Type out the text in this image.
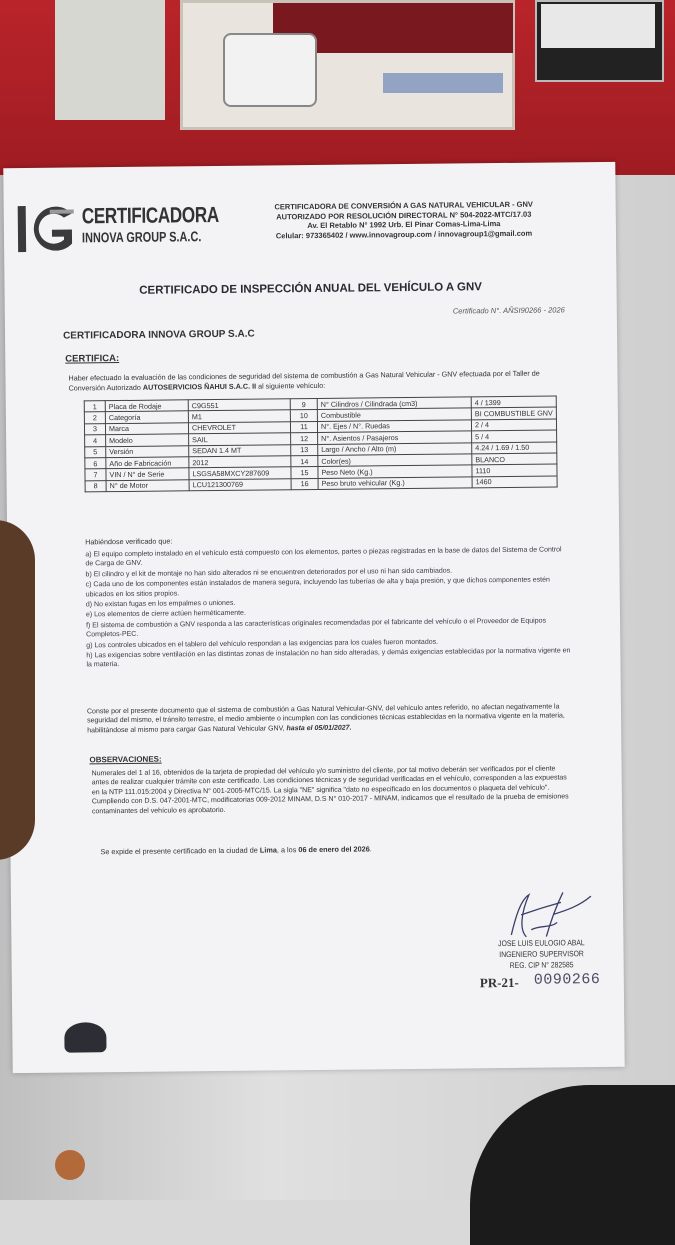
CERTIFICADORA
INNOVA GROUP S.A.C.
CERTIFICADORA DE CONVERSIÓN A GAS NATURAL VEHICULAR - GNV
AUTORIZADO POR RESOLUCIÓN DIRECTORAL N° 504-2022-MTC/17.03
Av. El Retablo N° 1992 Urb. El Pinar Comas-Lima-Lima
Celular: 973365402 / www.innovagroup.com / innovagroup1@gmail.com
CERTIFICADO DE INSPECCIÓN ANUAL DEL VEHÍCULO A GNV
Certificado N°. AÑSI90266 - 2026
CERTIFICADORA INNOVA GROUP S.A.C
CERTIFICA:
Haber efectuado la evaluación de las condiciones de seguridad del sistema de combustión a Gas Natural Vehicular - GNV efectuada por el Taller de Conversión Autorizado AUTOSERVICIOS ÑAHUI S.A.C. II al siguiente vehículo:
1	Placa de Rodaje	C9G551	9	N° Cilindros / Cilindrada (cm3)	4 / 1399
2	Categoría	M1	10	Combustible	BI COMBUSTIBLE GNV
3	Marca	CHEVROLET	11	N°. Ejes / N°. Ruedas	2 / 4
4	Modelo	SAIL	12	N°. Asientos / Pasajeros	5 / 4
5	Versión	SEDAN 1.4 MT	13	Largo / Ancho / Alto (m)	4.24 / 1.69 / 1.50
6	Año de Fabricación	2012	14	Color(es)	BLANCO
7	VIN / N° de Serie	LSGSA58MXCY287609	15	Peso Neto (Kg.)	1110
8	N° de Motor	LCU121300769	16	Peso bruto vehicular (Kg.)	1460
Habiéndose verificado que:
a) El equipo completo instalado en el vehículo está compuesto con los elementos, partes o piezas registradas en la base de datos del Sistema de Control de Carga de GNV.
b) El cilindro y el kit de montaje no han sido alterados ni se encuentren deteriorados por el uso ni han sido cambiados.
c) Cada uno de los componentes están instalados de manera segura, incluyendo las tuberías de alta y baja presión, y que dichos componentes estén ubicados en los sitios propios.
d) No existan fugas en los empalmes o uniones.
e) Los elementos de cierre actúen herméticamente.
f) El sistema de combustión a GNV responda a las características originales recomendadas por el fabricante del vehículo o el Proveedor de Equipos Completos-PEC.
g) Los controles ubicados en el tablero del vehículo respondan a las exigencias para los cuales fueron montados.
h) Las exigencias sobre ventilación en las distintas zonas de instalación no han sido alteradas, y demás exigencias establecidas por la normativa vigente en la materia.
Conste por el presente documento que el sistema de combustión a Gas Natural Vehicular-GNV, del vehículo antes referido, no afectan negativamente la seguridad del mismo, el tránsito terrestre, el medio ambiente o incumplen con las condiciones técnicas establecidas en la normativa vigente en la materia, habilitándose al mismo para cargar Gas Natural Vehicular GNV, hasta el 05/01/2027.
OBSERVACIONES:
Numerales del 1 al 16, obtenidos de la tarjeta de propiedad del vehículo y/o suministro del cliente, por tal motivo deberán ser verificados por el cliente antes de realizar cualquier trámite con este certificado. Las condiciones técnicas y de seguridad verificadas en el vehículo, corresponden a las expuestas en la NTP 111.015:2004 y Directiva N° 001-2005-MTC/15. La sigla "NE" significa "dato no especificado en los documentos o plaqueta del vehículo". Cumpliendo con D.S. 047-2001-MTC, modificatorias 009-2012 MINAM, D.S N° 010-2017 - MINAM, indicamos que el resultado de la prueba de emisiones contaminantes del vehículo es aprobatorio.
Se expide el presente certificado en la ciudad de Lima, a los 06 de enero del 2026.
JOSE LUIS EULOGIO ABAL
INGENIERO SUPERVISOR
REG. CIP N° 282585
PR-21- 0090266
